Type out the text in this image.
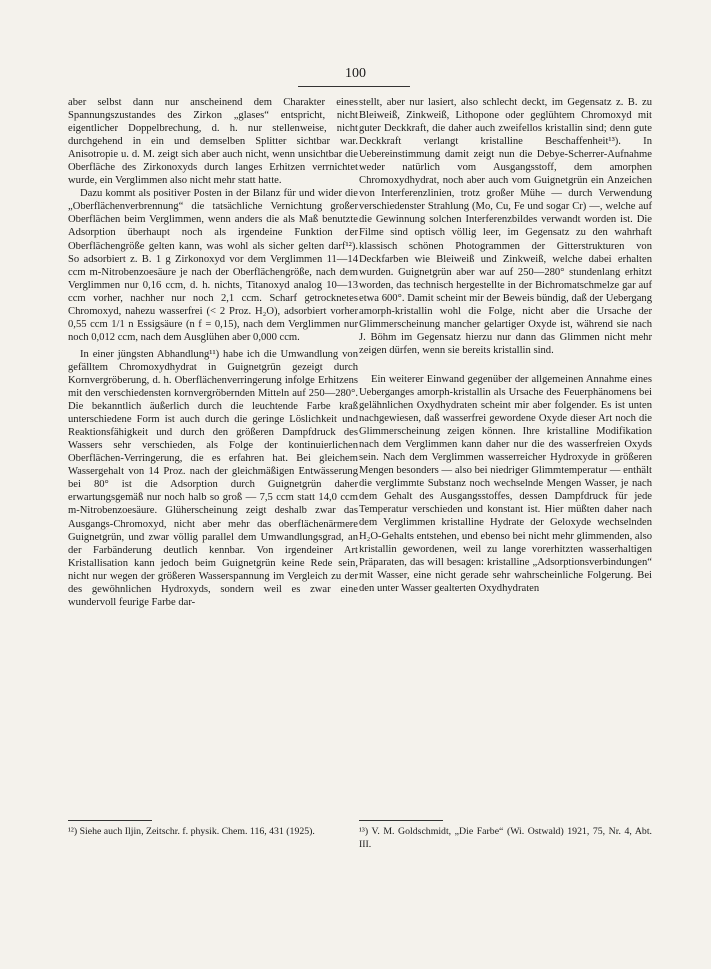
100

aber selbst dann nur anscheinend dem Charakter eines Spannungszustandes des Zirkon „glases“ entspricht, nicht eigentlicher Doppelbrechung, d. h. nur stellenweise, nicht durchgehend in ein und demselben Splitter sichtbar war. Anisotropie u. d. M. zeigt sich aber auch nicht, wenn unsichtbar die Oberfläche des Zirkonoxyds durch langes Erhitzen verrnichtet wurde, ein Verglimmen also nicht mehr statt hatte.

Dazu kommt als positiver Posten in der Bilanz für und wider die „Oberflächenverbrennung“ die tatsächliche Vernichtung großer Oberflächen beim Verglimmen, wenn anders die als Maß benutzte Adsorption überhaupt noch als irgendeine Funktion der Oberflächengröße gelten kann, was wohl als sicher gelten darf¹²). So adsorbiert z. B. 1 g Zirkonoxyd vor dem Verglimmen 11—14 ccm m-Nitrobenzoesäure je nach der Oberflächengröße, nach dem Verglimmen nur 0,16 ccm, d. h. nichts, Titanoxyd analog 10—13 ccm vorher, nachher nur noch 2,1 ccm. Scharf getrocknetes Chromoxyd, nahezu wasserfrei (< 2 Proz. H₂O), adsorbiert vorher 0,55 ccm 1/1 n Essigsäure (n f = 0,15), nach dem Verglimmen nur noch 0,012 ccm, nach dem Ausglühen aber 0,000 ccm.

In einer jüngsten Abhandlung¹¹) habe ich die Umwandlung von gefälltem Chromoxydhydrat in Guignetgrün gezeigt durch Kornvergröberung, d. h. Oberflächenverringerung infolge Erhitzens mit den verschiedensten kornvergröbernden Mitteln auf 250—280°. Die bekanntlich äußerlich durch die leuchtende Farbe kraß unterschiedene Form ist auch durch die geringe Löslichkeit und Reaktionsfähigkeit und durch den größeren Dampfdruck des Wassers sehr verschieden, als Folge der kontinuierlichen Oberflächen-Verringerung, die es erfahren hat. Bei gleichem Wassergehalt von 14 Proz. nach der gleichmäßigen Entwässerung bei 80° ist die Adsorption durch Guignetgrün daher erwartungsgemäß nur noch halb so groß — 7,5 ccm statt 14,0 ccm m-Nitrobenzoesäure. Glüherscheinung zeigt deshalb zwar das Ausgangs-Chromoxyd, nicht aber mehr das oberflächenärmere Guignetgrün, und zwar völlig parallel dem Umwandlungsgrad, an der Farbänderung deutlich kennbar. Von irgendeiner Art Kristallisation kann jedoch beim Guignetgrün keine Rede sein, nicht nur wegen der größeren Wasserspannung im Vergleich zu der des gewöhnlichen Hydroxyds, sondern weil es zwar eine wundervoll feurige Farbe dar-

stellt, aber nur lasiert, also schlecht deckt, im Gegensatz z. B. zu Bleiweiß, Zinkweiß, Lithopone oder geglühtem Chromoxyd mit guter Deckkraft, die daher auch zweifellos kristallin sind; denn gute Deckkraft verlangt kristalline Beschaffenheit¹³). In Uebereinstimmung damit zeigt nun die Debye-Scherrer-Aufnahme weder natürlich vom Ausgangsstoff, dem amorphen Chromoxydhydrat, noch aber auch vom Guignetgrün ein Anzeichen von Interferenzlinien, trotz großer Mühe — durch Verwendung verschiedenster Strahlung (Mo, Cu, Fe und sogar Cr) —, welche auf die Gewinnung solchen Interferenzbildes verwandt worden ist. Die Filme sind optisch völlig leer, im Gegensatz zu den wahrhaft klassisch schönen Photogrammen der Gitterstrukturen von Deckfarben wie Bleiweiß und Zinkweiß, welche dabei erhalten wurden. Guignetgrün aber war auf 250—280° stundenlang erhitzt worden, das technisch hergestellte in der Bichromatschmelze gar auf etwa 600°. Damit scheint mir der Beweis bündig, daß der Uebergang amorph-kristallin wohl die Folge, nicht aber die Ursache der Glimmerscheinung mancher gelartiger Oxyde ist, während sie nach J. Böhm im Gegensatz hierzu nur dann das Glimmen nicht mehr zeigen dürfen, wenn sie bereits kristallin sind.

Ein weiterer Einwand gegenüber der allgemeinen Annahme eines Ueberganges amorph-kristallin als Ursache des Feuerphänomens bei gelähnlichen Oxydhydraten scheint mir aber folgender. Es ist unten nachgewiesen, daß wasserfrei gewordene Oxyde dieser Art noch die Glimmerscheinung zeigen können. Ihre kristalline Modifikation nach dem Verglimmen kann daher nur die des wasserfreien Oxyds sein. Nach dem Verglimmen wasserreicher Hydroxyde in größeren Mengen besonders — also bei niedriger Glimmtemperatur — enthält die verglimmte Substanz noch wechselnde Mengen Wasser, je nach dem Gehalt des Ausgangsstoffes, dessen Dampfdruck für jede Temperatur verschieden und konstant ist. Hier müßten daher nach dem Verglimmen kristalline Hydrate der Geloxyde wechselnden H₂O-Gehalts entstehen, und ebenso bei nicht mehr glimmenden, also kristallin gewordenen, weil zu lange vorerhitzten wasserhaltigen Präparaten, das will besagen: kristalline „Adsorptionsverbindungen“ mit Wasser, eine nicht gerade sehr wahrscheinliche Folgerung. Bei den unter Wasser gealterten Oxydhydraten

¹²) Siehe auch Iljin, Zeitschr. f. physik. Chem. 116, 431 (1925).	¹³) V. M. Goldschmidt, „Die Farbe“ (Wi. Ostwald) 1921, 75, Nr. 4, Abt. III.
